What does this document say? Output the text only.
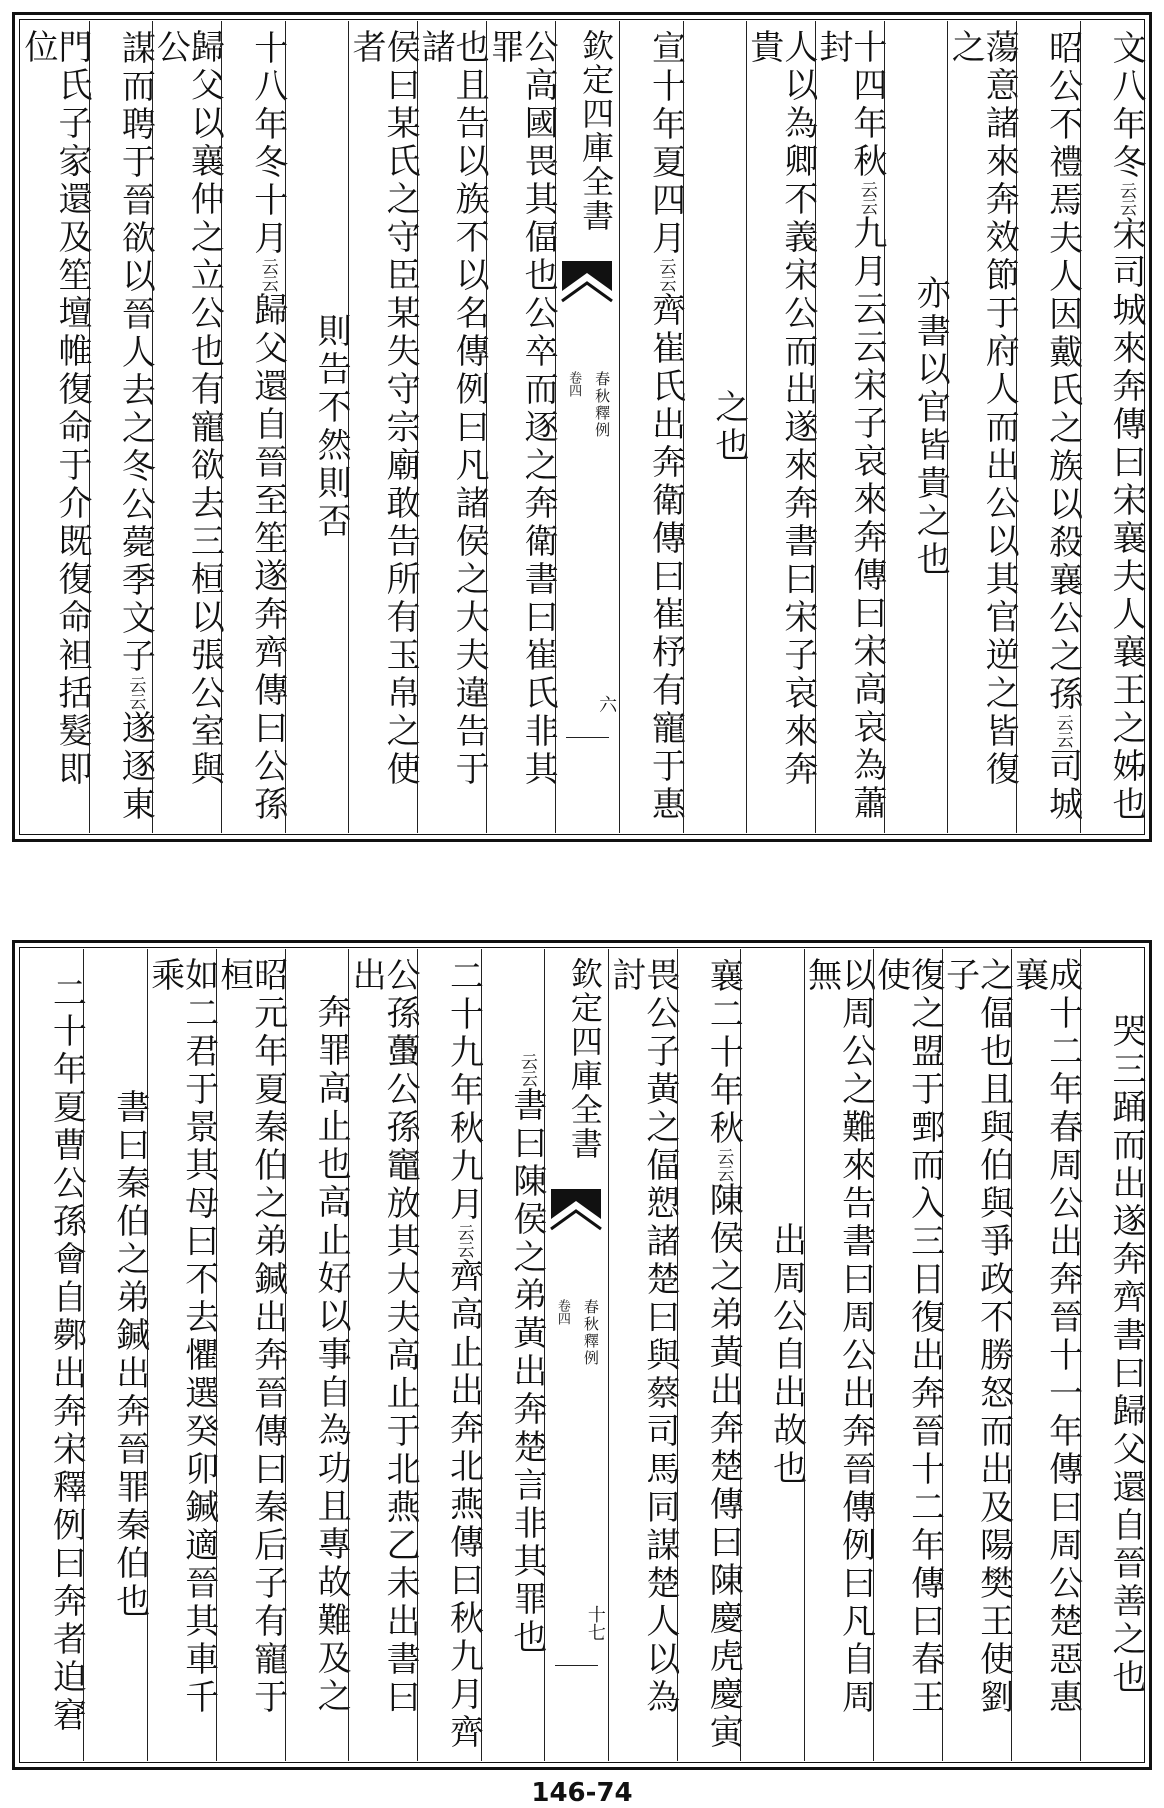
文八年冬云云宋司城來奔傳曰宋襄夫人襄王之姊也
昭公不禮焉夫人因戴氏之族以殺襄公之孫云云司城
蕩意諸來奔效節于府人而出公以其官逆之皆復之
亦書以官皆貴之也
十四年秋云云九月云云宋子哀來奔傳曰宋高哀為蕭封
人以為卿不義宋公而出遂來奔書曰宋子哀來奔貴
之也
宣十年夏四月云云齊崔氏出奔衛傳曰崔杼有寵于惠
欽定四庫全書
春秋釋例
卷四
六
公高國畏其偪也公卒而逐之奔衛書曰崔氏非其罪
也且告以族不以名傳例曰凡諸侯之大夫違告于諸
侯曰某氏之守臣某失守宗廟敢告所有玉帛之使者
則告不然則否
十八年冬十月云云歸父還自晉至笙遂奔齊傳曰公孫
歸父以襄仲之立公也有寵欲去三桓以張公室與公
謀而聘于晉欲以晉人去之冬公薨季文子云云遂逐東
門氏子家還及笙壇帷復命于介既復命袒括髮即位
哭三踊而出遂奔齊書曰歸父還自晉善之也
成十二年春周公出奔晉十一年傳曰周公楚惡惠襄
之偪也且與伯與爭政不勝怒而出及陽樊王使劉子
復之盟于鄄而入三日復出奔晉十二年傳曰春王使
以周公之難來告書曰周公出奔晉傳例曰凡自周無
出周公自出故也
襄二十年秋云云陳侯之弟黃出奔楚傳曰陳慶虎慶寅
畏公子黃之偪愬諸楚曰與蔡司馬同謀楚人以為討
欽定四庫全書
春秋釋例
卷四
十七
云云書曰陳侯之弟黃出奔楚言非其罪也
二十九年秋九月云云齊高止出奔北燕傳曰秋九月齊
公孫蠆公孫竈放其大夫高止于北燕乙未出書曰出
奔罪高止也高止好以事自為功且專故難及之
昭元年夏秦伯之弟鍼出奔晉傳曰秦后子有寵于桓
如二君于景其母曰不去懼選癸卯鍼適晉其車千乘
書曰秦伯之弟鍼出奔晉罪秦伯也
二十年夏曹公孫會自鄸出奔宋釋例曰奔者迫窘
146-74
